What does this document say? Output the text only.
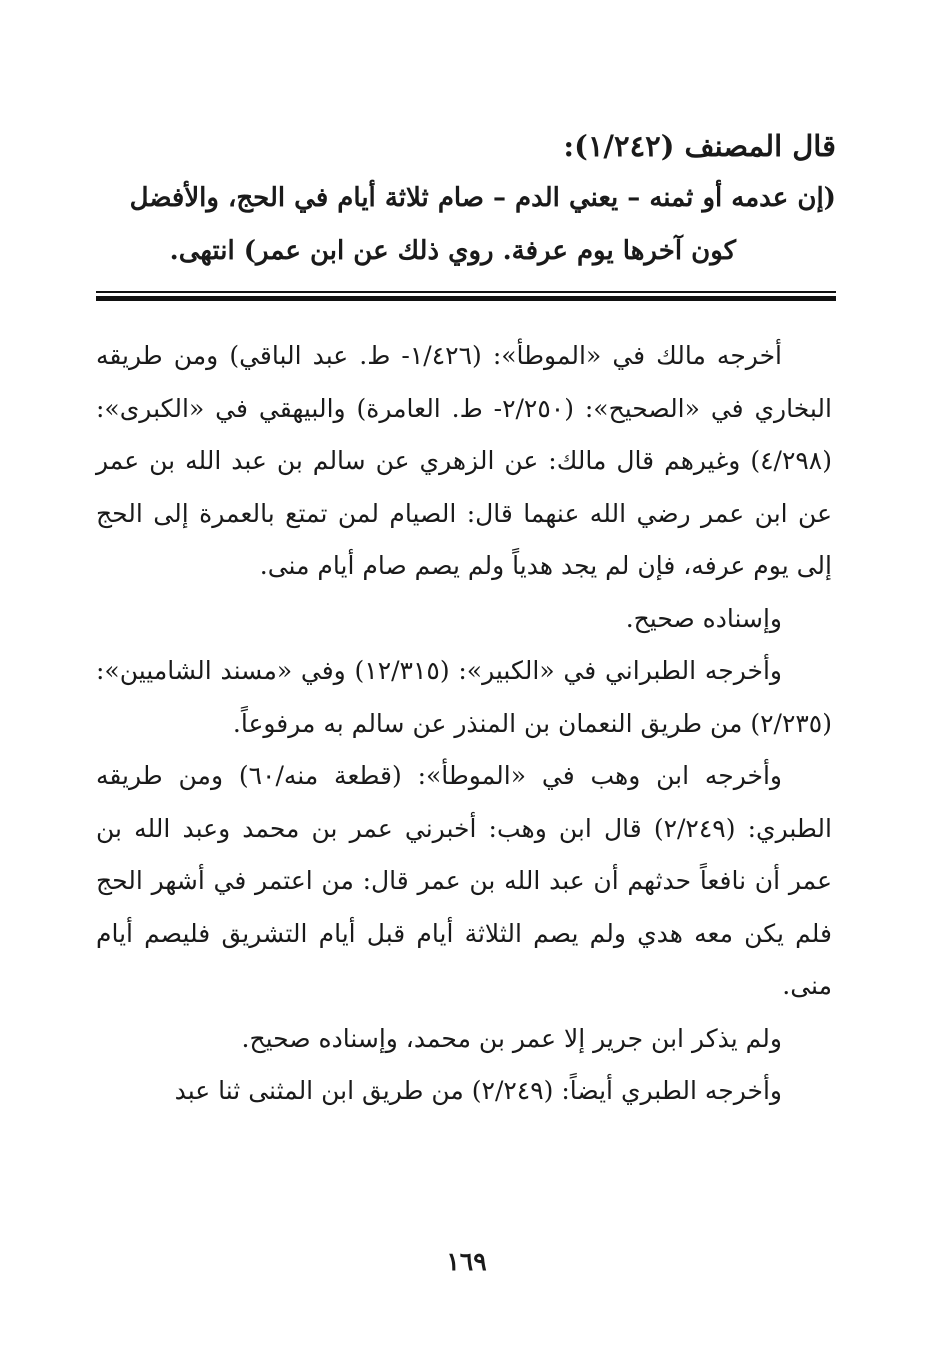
قال المصنف (١/٢٤٢):

(إن عدمه أو ثمنه – يعني الدم – صام ثلاثة أيام في الحج، والأفضل

كون آخرها يوم عرفة. روي ذلك عن ابن عمر) انتهى.

أخرجه مالك في «الموطأ»: (١/٤٢٦- ط. عبد الباقي) ومن طريقه البخاري في «الصحيح»: (٢/٢٥٠- ط. العامرة) والبيهقي في «الكبرى»: (٤/٢٩٨) وغيرهم قال مالك: عن الزهري عن سالم بن عبد الله بن عمر عن ابن عمر رضي الله عنهما قال: الصيام لمن تمتع بالعمرة إلى الحج إلى يوم عرفه، فإن لم يجد هدياً ولم يصم صام أيام منى.

وإسناده صحيح.

وأخرجه الطبراني في «الكبير»: (١٢/٣١٥) وفي «مسند الشاميين»: (٢/٢٣٥) من طريق النعمان بن المنذر عن سالم به مرفوعاً.

وأخرجه ابن وهب في «الموطأ»: (قطعة منه/٦٠) ومن طريقه الطبري: (٢/٢٤٩) قال ابن وهب: أخبرني عمر بن محمد وعبد الله بن عمر أن نافعاً حدثهم أن عبد الله بن عمر قال: من اعتمر في أشهر الحج فلم يكن معه هدي ولم يصم الثلاثة أيام قبل أيام التشريق فليصم أيام منى.

ولم يذكر ابن جرير إلا عمر بن محمد، وإسناده صحيح.

وأخرجه الطبري أيضاً: (٢/٢٤٩) من طريق ابن المثنى ثنا عبد

١٦٩
